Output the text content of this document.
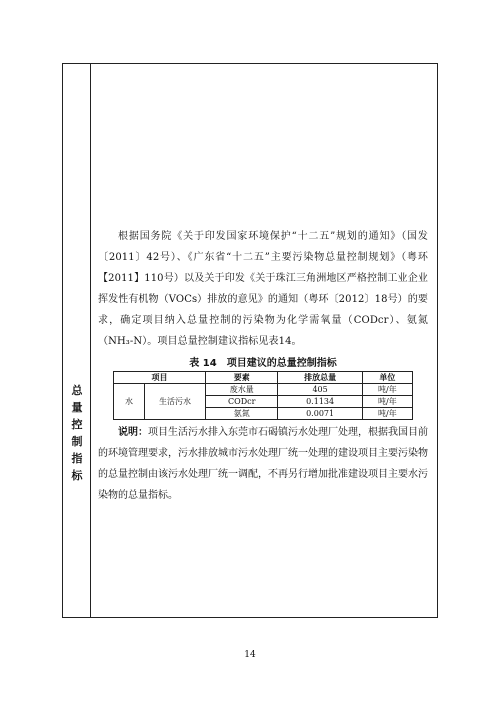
总
量
控
制
指
标

根据国务院《关于印发国家环境保护“十二五”规划的通知》（国发〔2011〕42号）、《广东省“十二五”主要污染物总量控制规划》（粤环【2011】110号）以及关于印发《关于珠江三角洲地区严格控制工业企业挥发性有机物（VOCs）排放的意见》的通知（粤环〔2012〕18号）的要求，确定项目纳入总量控制的污染物为化学需氧量（CODcr）、氨氮（NH₃-N）。项目总量控制建议指标见表14。

表 14　项目建议的总量控制指标
项目		要素	排放总量	单位
水	生活污水	废水量	405	吨/年
		CODcr	0.1134	吨/年
		氨氮	0.0071	吨/年

说明：项目生活污水排入东莞市石碣镇污水处理厂处理，根据我国目前的环境管理要求，污水排放城市污水处理厂统一处理的建设项目主要污染物的总量控制由该污水处理厂统一调配，不再另行增加批准建设项目主要水污染物的总量指标。

14
